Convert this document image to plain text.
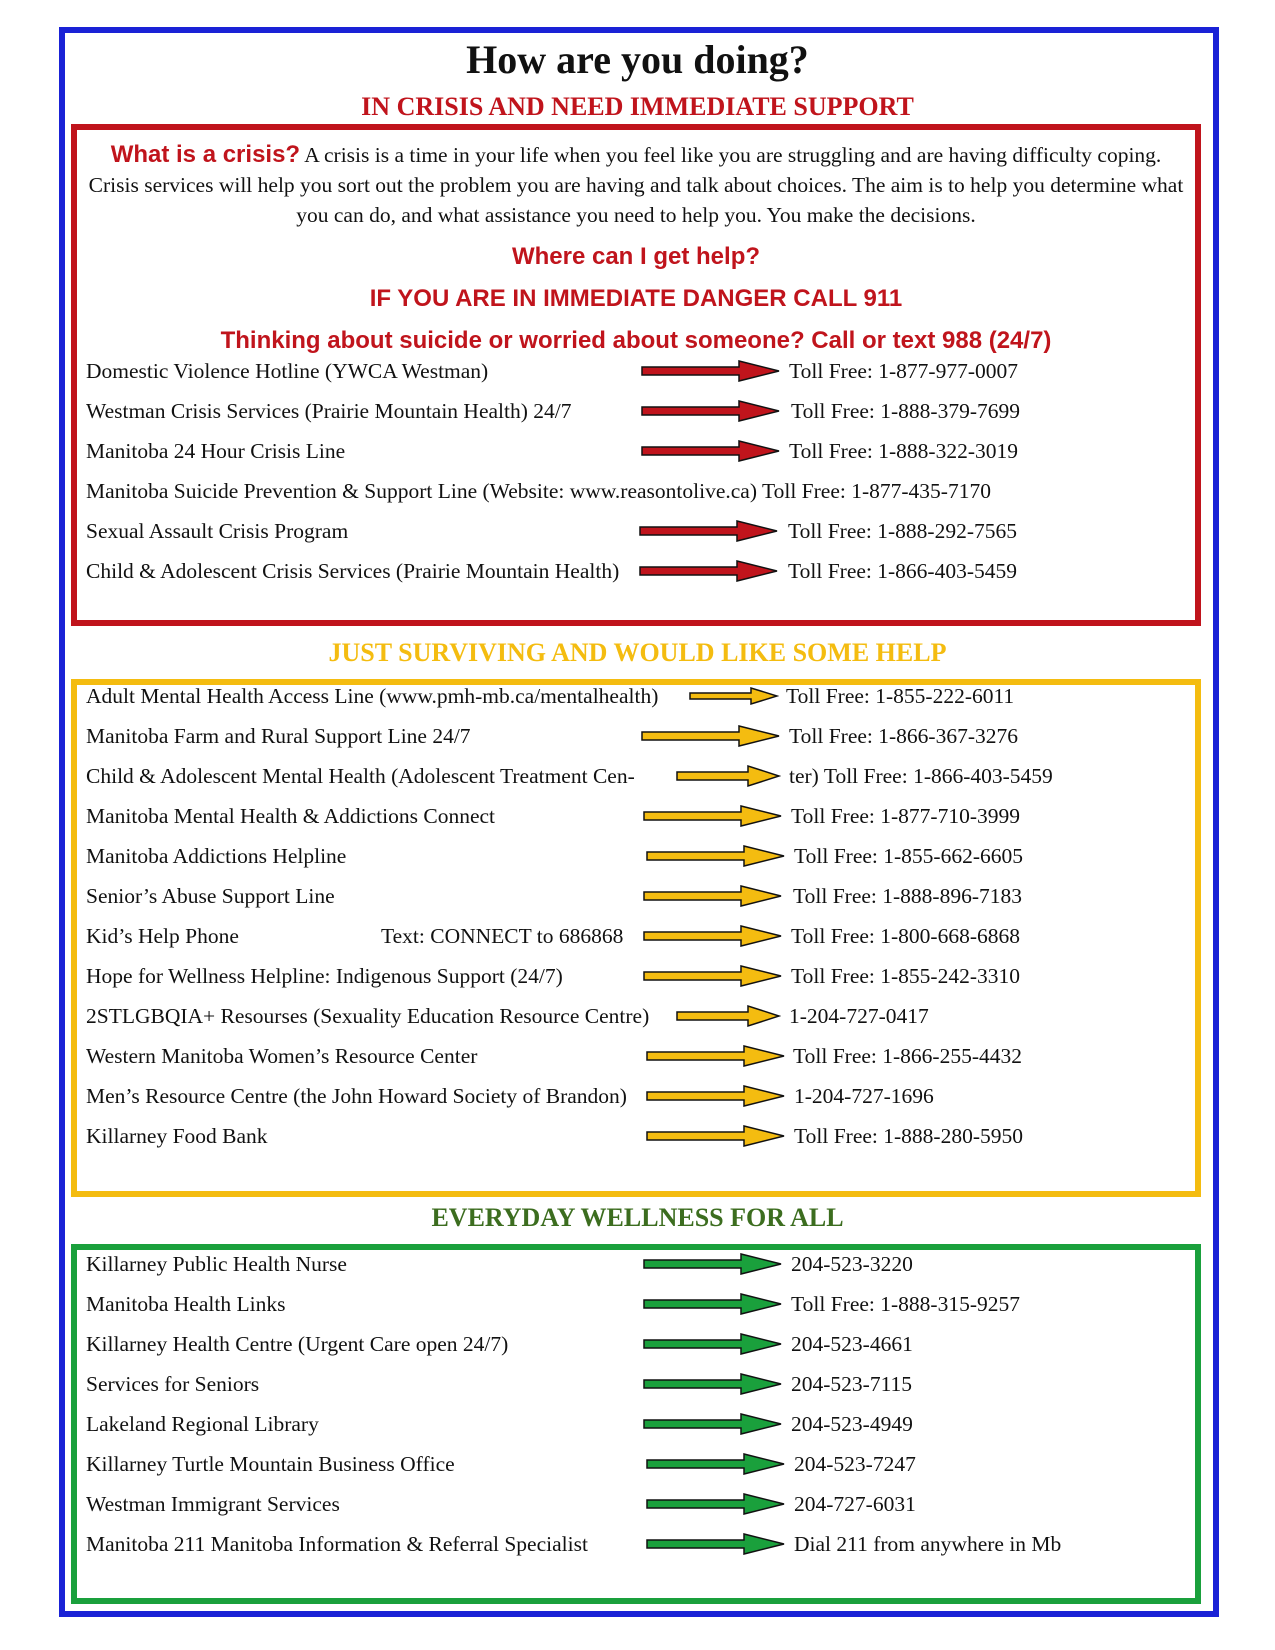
How are you doing?
IN CRISIS AND NEED IMMEDIATE SUPPORT
What is a crisis? A crisis is a time in your life when you feel like you are struggling and are having difficulty coping. Crisis services will help you sort out the problem you are having and talk about choices. The aim is to help you determine what you can do, and what assistance you need to help you. You make the decisions.
Where can I get help?
IF YOU ARE IN IMMEDIATE DANGER CALL 911
Thinking about suicide or worried about someone? Call or text 988 (24/7)
Domestic Violence Hotline (YWCA Westman)	Toll Free: 1-877-977-0007
Westman Crisis Services (Prairie Mountain Health) 24/7	Toll Free: 1-888-379-7699
Manitoba 24 Hour Crisis Line	Toll Free: 1-888-322-3019
Manitoba Suicide Prevention & Support Line (Website: www.reasontolive.ca) Toll Free: 1-877-435-7170
Sexual Assault Crisis Program	Toll Free: 1-888-292-7565
Child & Adolescent Crisis Services (Prairie Mountain Health)	Toll Free: 1-866-403-5459
JUST SURVIVING AND WOULD LIKE SOME HELP
Adult Mental Health Access Line (www.pmh-mb.ca/mentalhealth)	Toll Free: 1-855-222-6011
Manitoba Farm and Rural Support Line 24/7	Toll Free: 1-866-367-3276
Child & Adolescent Mental Health (Adolescent Treatment Cen-	ter) Toll Free: 1-866-403-5459
Manitoba Mental Health & Addictions Connect	Toll Free: 1-877-710-3999
Manitoba Addictions Helpline	Toll Free: 1-855-662-6605
Senior’s Abuse Support Line	Toll Free: 1-888-896-7183
Kid’s Help Phone	Text: CONNECT to 686868	Toll Free: 1-800-668-6868
Hope for Wellness Helpline: Indigenous Support (24/7)	Toll Free: 1-855-242-3310
2STLGBQIA+ Resourses (Sexuality Education Resource Centre)	1-204-727-0417
Western Manitoba Women’s Resource Center	Toll Free: 1-866-255-4432
Men’s Resource Centre (the John Howard Society of Brandon)	1-204-727-1696
Killarney Food Bank	Toll Free: 1-888-280-5950
EVERYDAY WELLNESS FOR ALL
Killarney Public Health Nurse	204-523-3220
Manitoba Health Links	Toll Free: 1-888-315-9257
Killarney Health Centre (Urgent Care open 24/7)	204-523-4661
Services for Seniors	204-523-7115
Lakeland Regional Library	204-523-4949
Killarney Turtle Mountain Business Office	204-523-7247
Westman Immigrant Services	204-727-6031
Manitoba 211 Manitoba Information & Referral Specialist	Dial 211 from anywhere in Mb
